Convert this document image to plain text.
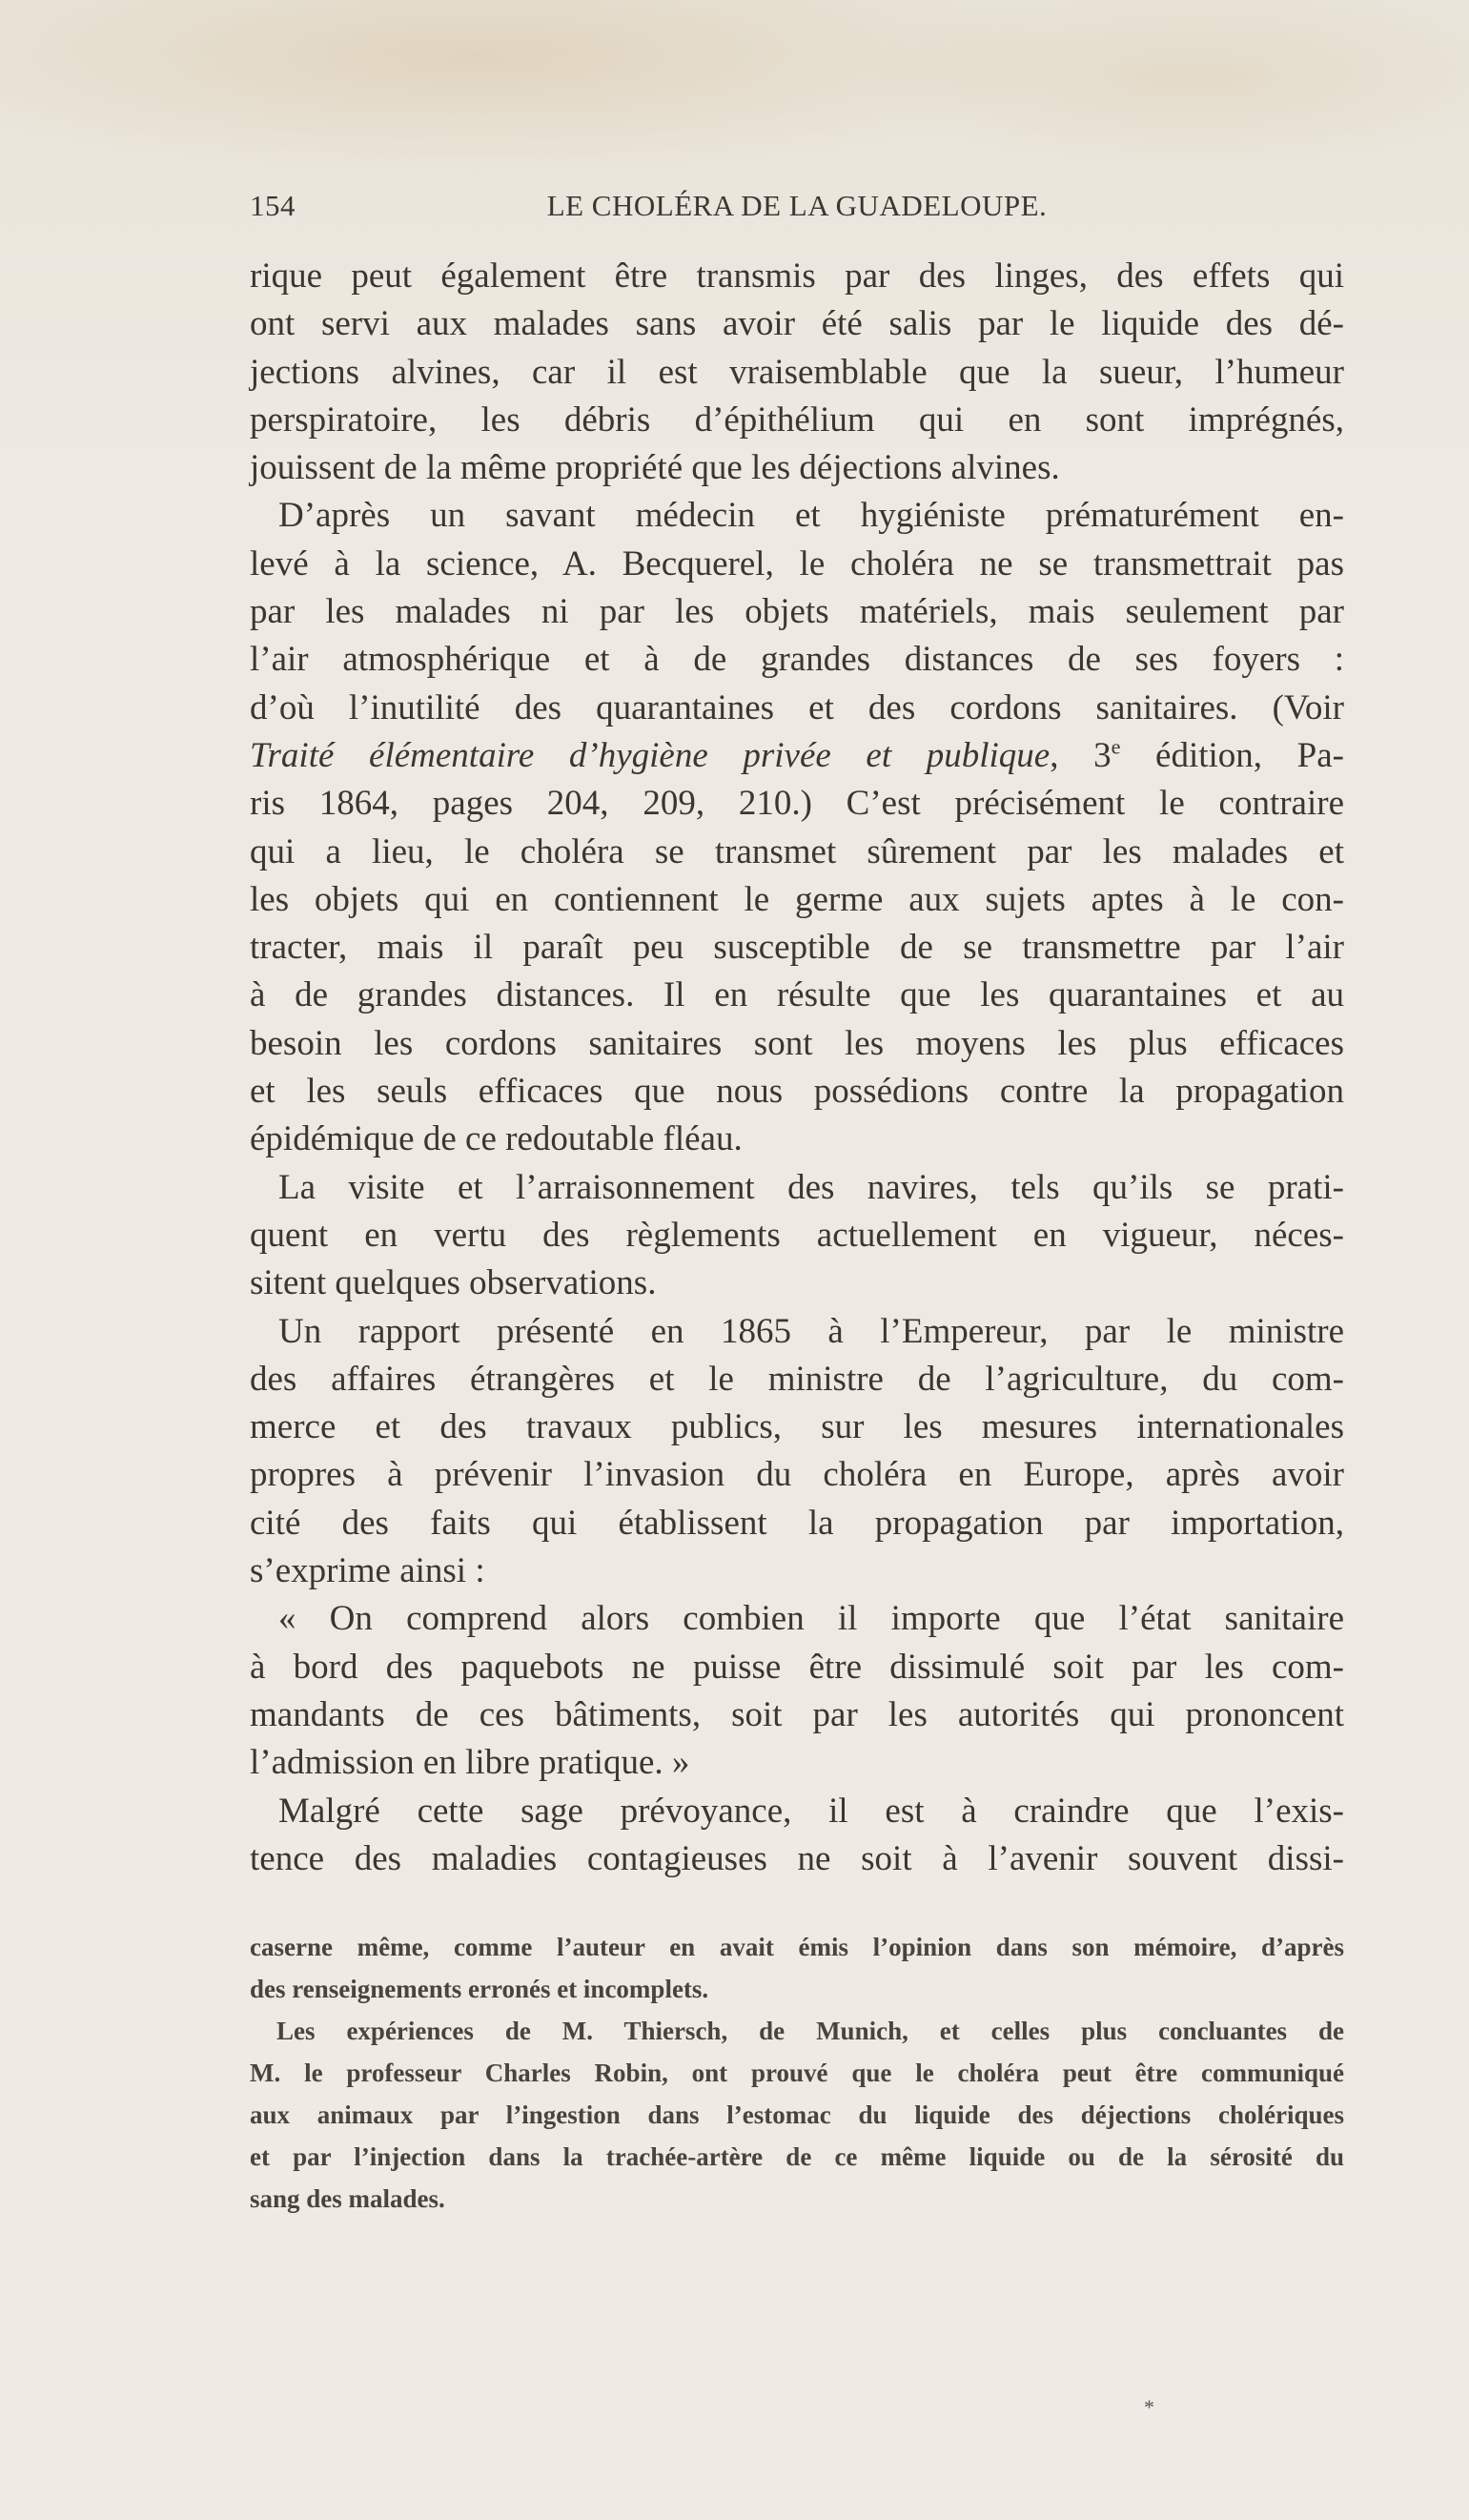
154	LE CHOLÉRA DE LA GUADELOUPE.
rique peut également être transmis par des linges, des effets qui
ont servi aux malades sans avoir été salis par le liquide des dé-
jections alvines, car il est vraisemblable que la sueur, l’humeur
perspiratoire, les débris d’épithélium qui en sont imprégnés,
jouissent de la même propriété que les déjections alvines.
D’après un savant médecin et hygiéniste prématurément en-
levé à la science, A. Becquerel, le choléra ne se transmettrait pas
par les malades ni par les objets matériels, mais seulement par
l’air atmosphérique et à de grandes distances de ses foyers :
d’où l’inutilité des quarantaines et des cordons sanitaires. (Voir
Traité élémentaire d’hygiène privée et publique, 3e édition, Pa-
ris 1864, pages 204, 209, 210.) C’est précisément le contraire
qui a lieu, le choléra se transmet sûrement par les malades et
les objets qui en contiennent le germe aux sujets aptes à le con-
tracter, mais il paraît peu susceptible de se transmettre par l’air
à de grandes distances. Il en résulte que les quarantaines et au
besoin les cordons sanitaires sont les moyens les plus efficaces
et les seuls efficaces que nous possédions contre la propagation
épidémique de ce redoutable fléau.
La visite et l’arraisonnement des navires, tels qu’ils se prati-
quent en vertu des règlements actuellement en vigueur, néces-
sitent quelques observations.
Un rapport présenté en 1865 à l’Empereur, par le ministre
des affaires étrangères et le ministre de l’agriculture, du com-
merce et des travaux publics, sur les mesures internationales
propres à prévenir l’invasion du choléra en Europe, après avoir
cité des faits qui établissent la propagation par importation,
s’exprime ainsi :
« On comprend alors combien il importe que l’état sanitaire
à bord des paquebots ne puisse être dissimulé soit par les com-
mandants de ces bâtiments, soit par les autorités qui prononcent
l’admission en libre pratique. »
Malgré cette sage prévoyance, il est à craindre que l’exis-
tence des maladies contagieuses ne soit à l’avenir souvent dissi-
caserne même, comme l’auteur en avait émis l’opinion dans son mémoire, d’après
des renseignements erronés et incomplets.
Les expériences de M. Thiersch, de Munich, et celles plus concluantes de
M. le professeur Charles Robin, ont prouvé que le choléra peut être communiqué
aux animaux par l’ingestion dans l’estomac du liquide des déjections cholériques
et par l’injection dans la trachée-artère de ce même liquide ou de la sérosité du
sang des malades.
*
